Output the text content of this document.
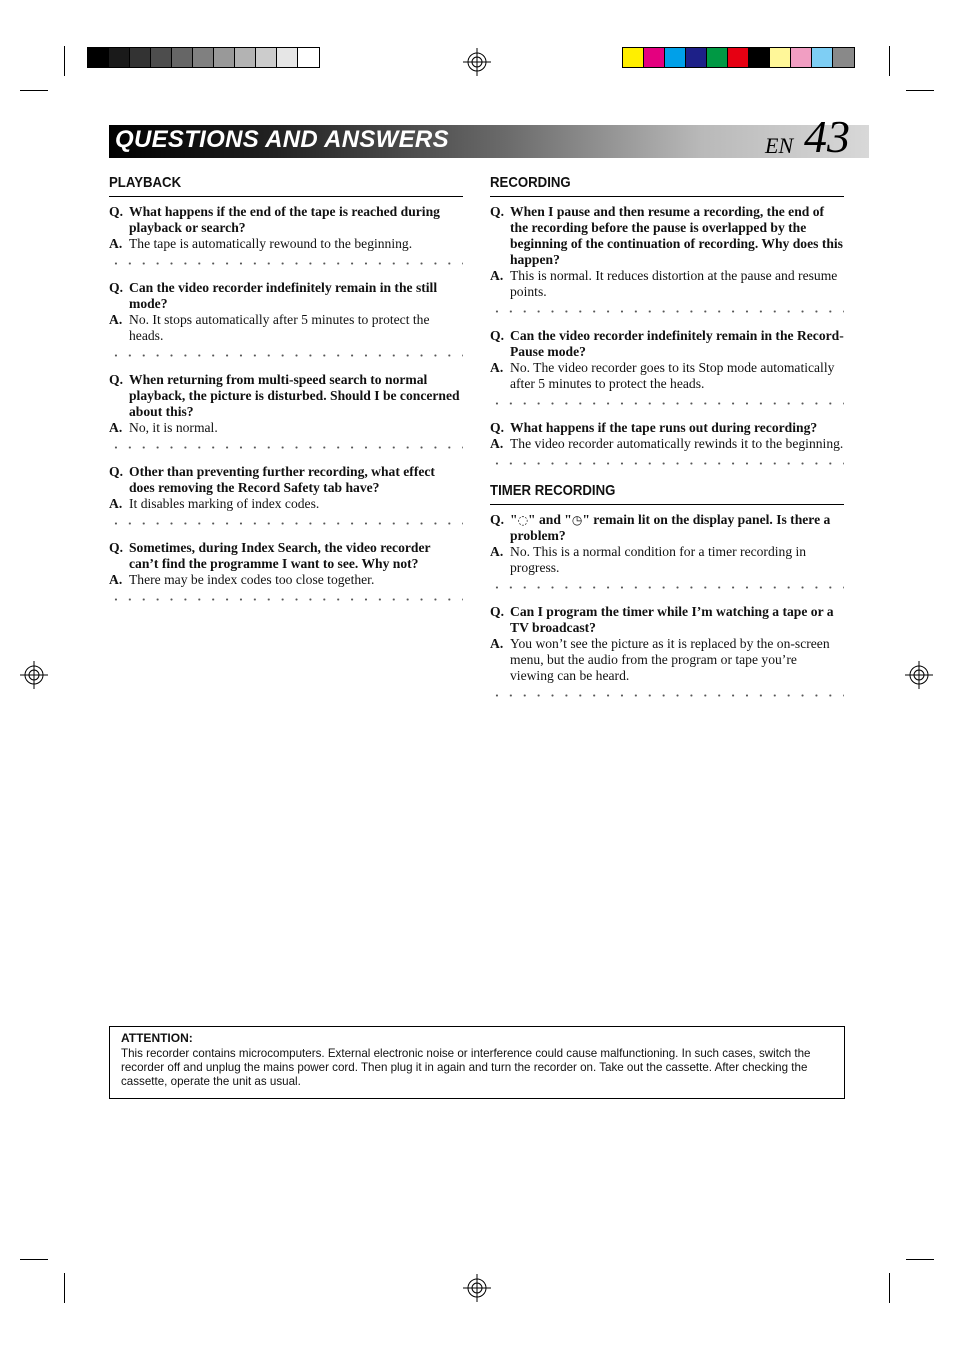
QUESTIONS AND ANSWERS	EN 43
PLAYBACK
Q. What happens if the end of the tape is reached during playback or search?
A. The tape is automatically rewound to the beginning.
Q. Can the video recorder indefinitely remain in the still mode?
A. No. It stops automatically after 5 minutes to protect the heads.
Q. When returning from multi-speed search to normal playback, the picture is disturbed. Should I be concerned about this?
A. No, it is normal.
Q. Other than preventing further recording, what effect does removing the Record Safety tab have?
A. It disables marking of index codes.
Q. Sometimes, during Index Search, the video recorder can’t find the programme I want to see. Why not?
A. There may be index codes too close together.
RECORDING
Q. When I pause and then resume a recording, the end of the recording before the pause is overlapped by the beginning of the continuation of recording. Why does this happen?
A. This is normal. It reduces distortion at the pause and resume points.
Q. Can the video recorder indefinitely remain in the Record-Pause mode?
A. No. The video recorder goes to its Stop mode automatically after 5 minutes to protect the heads.
Q. What happens if the tape runs out during recording?
A. The video recorder automatically rewinds it to the beginning.
TIMER RECORDING
Q. "◌" and "◷" remain lit on the display panel. Is there a problem?
A. No. This is a normal condition for a timer recording in progress.
Q. Can I program the timer while I’m watching a tape or a TV broadcast?
A. You won’t see the picture as it is replaced by the on-screen menu, but the audio from the program or tape you’re viewing can be heard.
ATTENTION:
This recorder contains microcomputers. External electronic noise or interference could cause malfunctioning. In such cases, switch the recorder off and unplug the mains power cord. Then plug it in again and turn the recorder on. Take out the cassette. After checking the cassette, operate the unit as usual.
